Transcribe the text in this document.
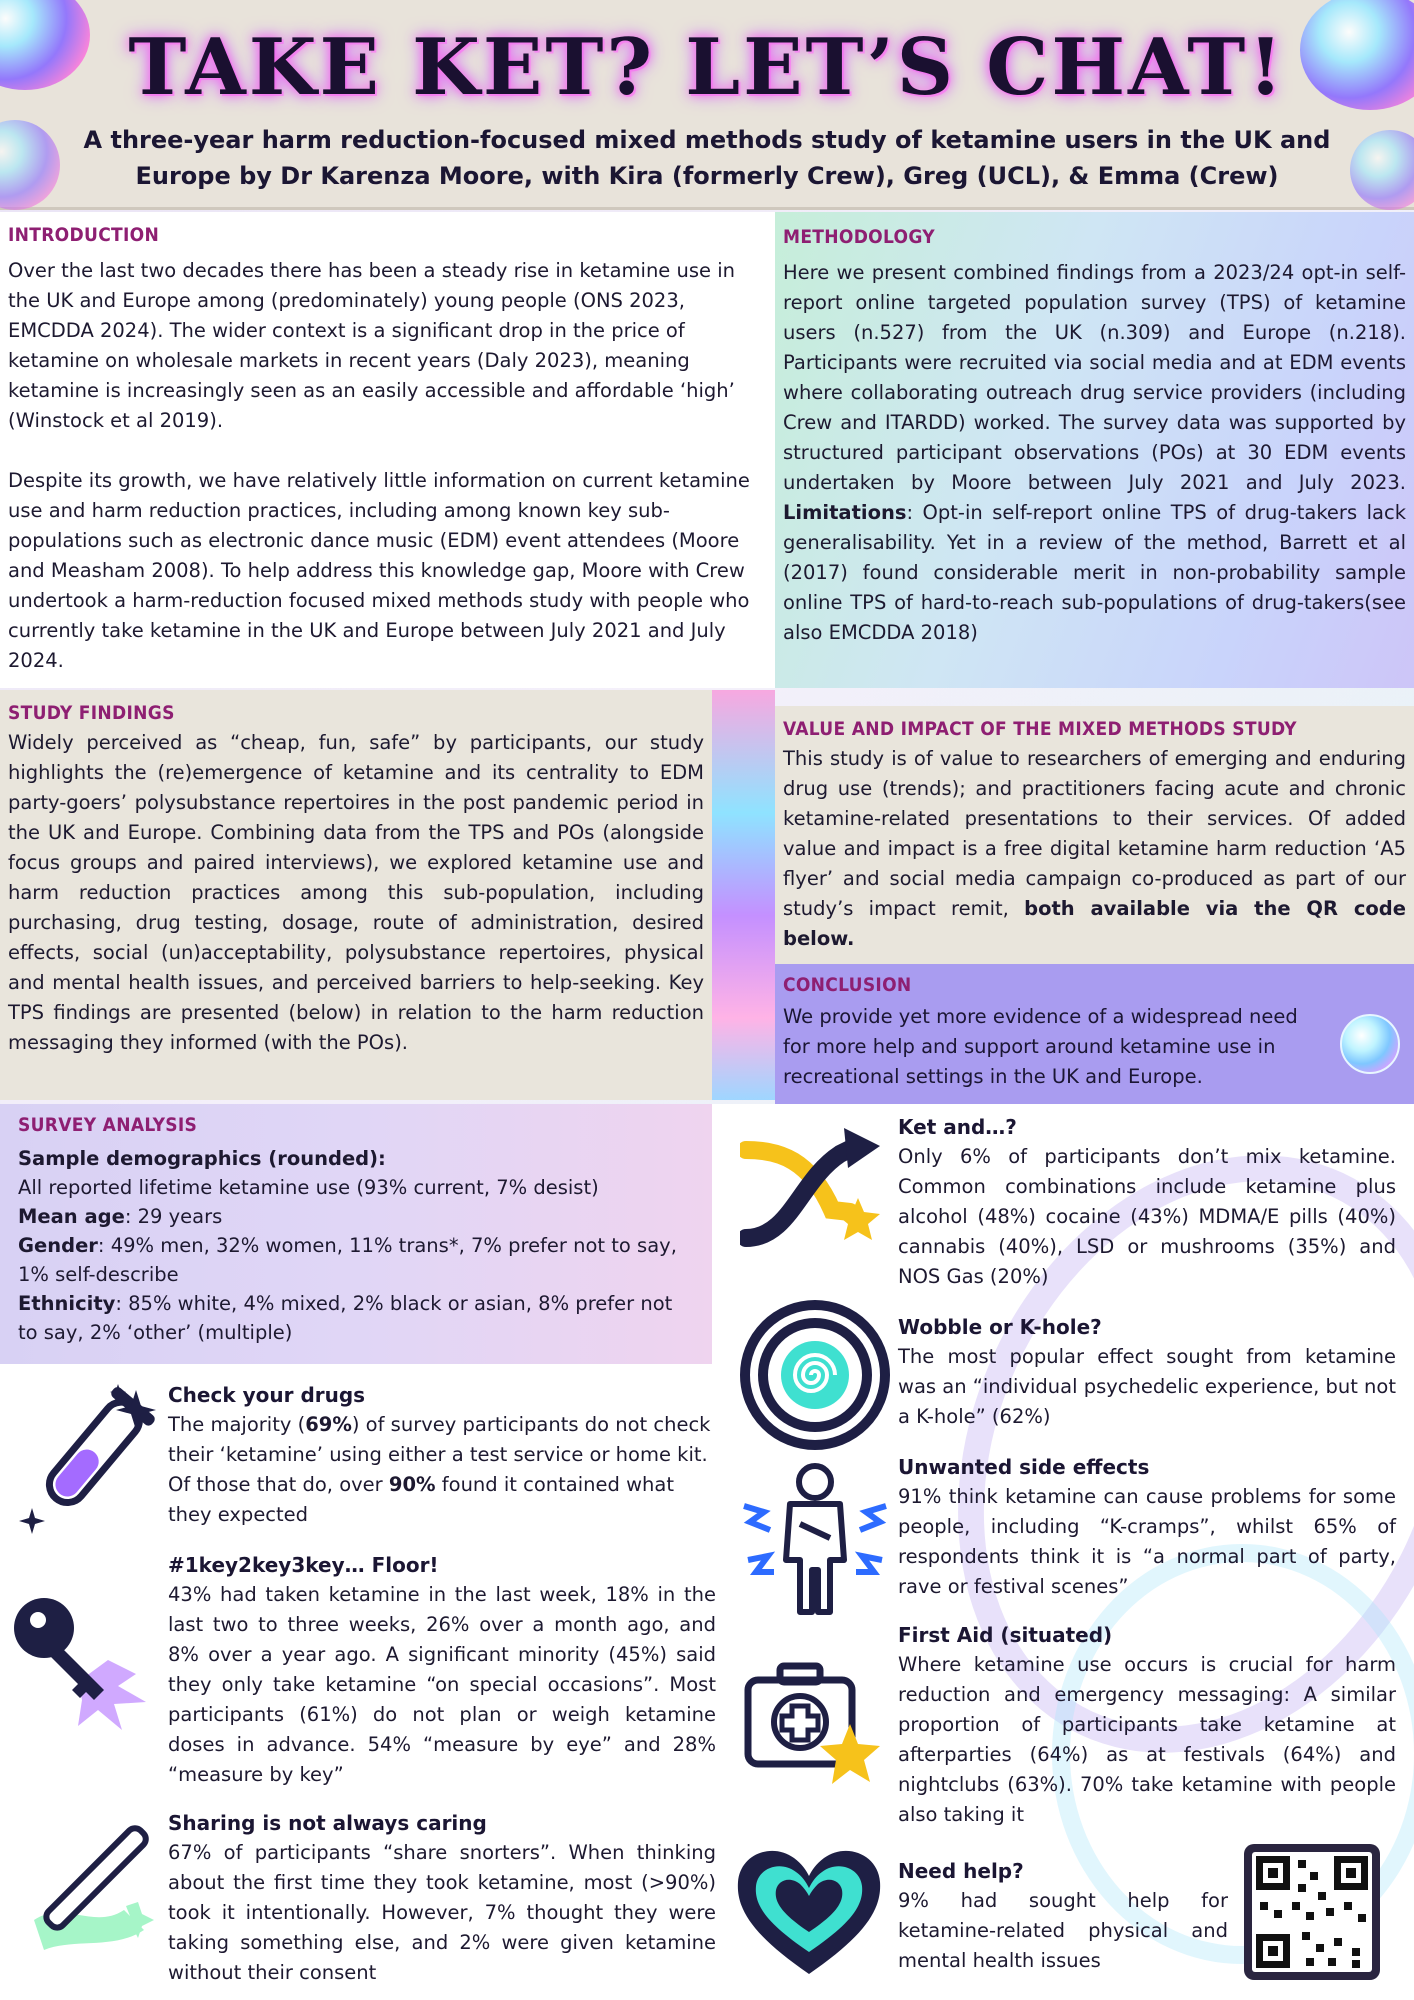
TAKE KET? LET’S CHAT!
A three-year harm reduction-focused mixed methods study of ketamine users in the UK and Europe by Dr Karenza Moore, with Kira (formerly Crew), Greg (UCL), & Emma (Crew)
INTRODUCTION
Over the last two decades there has been a steady rise in ketamine use in the UK and Europe among (predominately) young people (ONS 2023, EMCDDA 2024). The wider context is a significant drop in the price of ketamine on wholesale markets in recent years (Daly 2023), meaning ketamine is increasingly seen as an easily accessible and affordable ‘high’ (Winstock et al 2019).
Despite its growth, we have relatively little information on current ketamine use and harm reduction practices, including among known key sub-populations such as electronic dance music (EDM) event attendees (Moore and Measham 2008). To help address this knowledge gap, Moore with Crew undertook a harm-reduction focused mixed methods study with people who currently take ketamine in the UK and Europe between July 2021 and July 2024.
METHODOLOGY
Here we present combined findings from a 2023/24 opt-in self-report online targeted population survey (TPS) of ketamine users (n.527) from the UK (n.309) and Europe (n.218). Participants were recruited via social media and at EDM events where collaborating outreach drug service providers (including Crew and ITARDD) worked. The survey data was supported by structured participant observations (POs) at 30 EDM events undertaken by Moore between July 2021 and July 2023. Limitations: Opt-in self-report online TPS of drug-takers lack generalisability. Yet in a review of the method, Barrett et al (2017) found considerable merit in non-probability sample online TPS of hard-to-reach sub-populations of drug-takers(see also EMCDDA 2018)
STUDY FINDINGS
Widely perceived as “cheap, fun, safe” by participants, our study highlights the (re)emergence of ketamine and its centrality to EDM party-goers’ polysubstance repertoires in the post pandemic period in the UK and Europe. Combining data from the TPS and POs (alongside focus groups and paired interviews), we explored ketamine use and harm reduction practices among this sub-population, including purchasing, drug testing, dosage, route of administration, desired effects, social (un)acceptability, polysubstance repertoires, physical and mental health issues, and perceived barriers to help-seeking. Key TPS findings are presented (below) in relation to the harm reduction messaging they informed (with the POs).
VALUE AND IMPACT OF THE MIXED METHODS STUDY
This study is of value to researchers of emerging and enduring drug use (trends); and practitioners facing acute and chronic ketamine-related presentations to their services. Of added value and impact is a free digital ketamine harm reduction ‘A5 flyer’ and social media campaign co-produced as part of our study’s impact remit, both available via the QR code below.
CONCLUSION
We provide yet more evidence of a widespread need for more help and support around ketamine use in recreational settings in the UK and Europe.
SURVEY ANALYSIS
Sample demographics (rounded):
All reported lifetime ketamine use (93% current, 7% desist)
Mean age: 29 years
Gender: 49% men, 32% women, 11% trans*, 7% prefer not to say, 1% self-describe
Ethnicity: 85% white, 4% mixed, 2% black or asian, 8% prefer not to say, 2% ‘other’ (multiple)
Check your drugs
The majority (69%) of survey participants do not check their ‘ketamine’ using either a test service or home kit. Of those that do, over 90% found it contained what they expected
#1key2key3key… Floor!
43% had taken ketamine in the last week, 18% in the last two to three weeks, 26% over a month ago, and 8% over a year ago. A significant minority (45%) said they only take ketamine “on special occasions”. Most participants (61%) do not plan or weigh ketamine doses in advance. 54% “measure by eye” and 28% “measure by key”
Sharing is not always caring
67% of participants “share snorters”. When thinking about the first time they took ketamine, most (>90%) took it intentionally. However, 7% thought they were taking something else, and 2% were given ketamine without their consent
Ket and…?
Only 6% of participants don’t mix ketamine. Common combinations include ketamine plus alcohol (48%) cocaine (43%) MDMA/E pills (40%) cannabis (40%), LSD or mushrooms (35%) and NOS Gas (20%)
Wobble or K-hole?
The most popular effect sought from ketamine was an “individual psychedelic experience, but not a K-hole” (62%)
Unwanted side effects
91% think ketamine can cause problems for some people, including “K-cramps”, whilst 65% of respondents think it is “a normal part of party, rave or festival scenes”
First Aid (situated)
Where ketamine use occurs is crucial for harm reduction and emergency messaging: A similar proportion of participants take ketamine at afterparties (64%) as at festivals (64%) and nightclubs (63%). 70% take ketamine with people also taking it
Need help?
9% had sought help for ketamine-related physical and mental health issues
